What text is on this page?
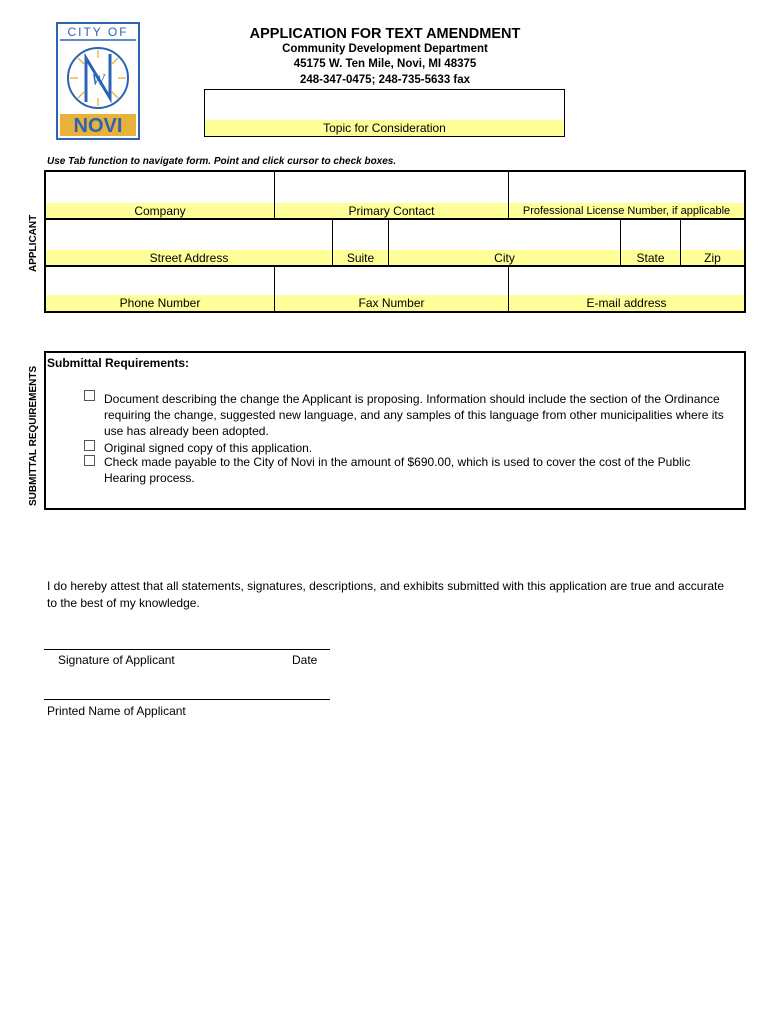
CITY OF
W
NOVI
APPLICATION FOR TEXT AMENDMENT
Community Development Department
45175 W. Ten Mile, Novi, MI 48375
248-347-0475; 248-735-5633 fax
Topic for Consideration
Use Tab function to navigate form. Point and click cursor to check boxes.
APPLICANT
Company	Primary Contact	Professional License Number, if applicable
Street Address	Suite	City	State	Zip
Phone Number	Fax Number	E-mail address
SUBMITTAL REQUIREMENTS
Submittal Requirements:
Document describing the change the Applicant is proposing. Information should include the section of the Ordinance requiring the change, suggested new language, and any samples of this language from other municipalities where its use has already been adopted.
Original signed copy of this application.
Check made payable to the City of Novi in the amount of $690.00, which is used to cover the cost of the Public Hearing process.
I do hereby attest that all statements, signatures, descriptions, and exhibits submitted with this application are true and accurate to the best of my knowledge.
Signature of Applicant	Date
Printed Name of Applicant
